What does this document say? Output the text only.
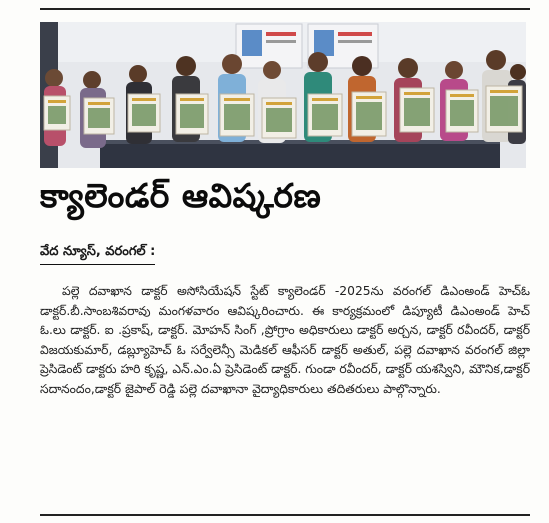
క్యాలెండర్ ఆవిష్కరణ
వేద న్యూస్, వరంగల్ :

పల్లె దవాఖాన డాక్టర్ అసోసియేషన్ స్టేట్ క్యాలెండర్ -2025ను వరంగల్ డిఎంఅండ్ హెచ్ఓ డాక్టర్.బీ.సాంబశివరావు మంగళవారం ఆవిష్కరించారు. ఈ కార్యక్రమంలో డిప్యూటీ డిఎంఅండ్ హెచ్ ఓ.లు డాక్టర్. ఐ .ప్రకాష్, డాక్టర్. మోహన్ సింగ్ ,ప్రోగ్రాం అధికారులు డాక్టర్ అర్చన, డాక్టర్ రవీందర్, డాక్టర్ విజయకుమార్, డబ్ల్యూహెచ్ ఓ సర్వేలెన్సీ మెడికల్ ఆఫీసర్ డాక్టర్ అతుల్, పల్లె దవాఖాన వరంగల్ జిల్లా ప్రెసిడెంట్ డాక్టరు హరి కృష్ణ, ఎన్.ఎం.ఏ ప్రెసిడెంట్ డాక్టర్. గుండా రవీందర్, డాక్టర్ యశస్విని, మౌనిక,డాక్టర్ సదానందం,డాక్టర్ జైపాల్ రెడ్డి పల్లె దవాఖానా వైద్యాధికారులు తదితరులు పాల్గొన్నారు.
